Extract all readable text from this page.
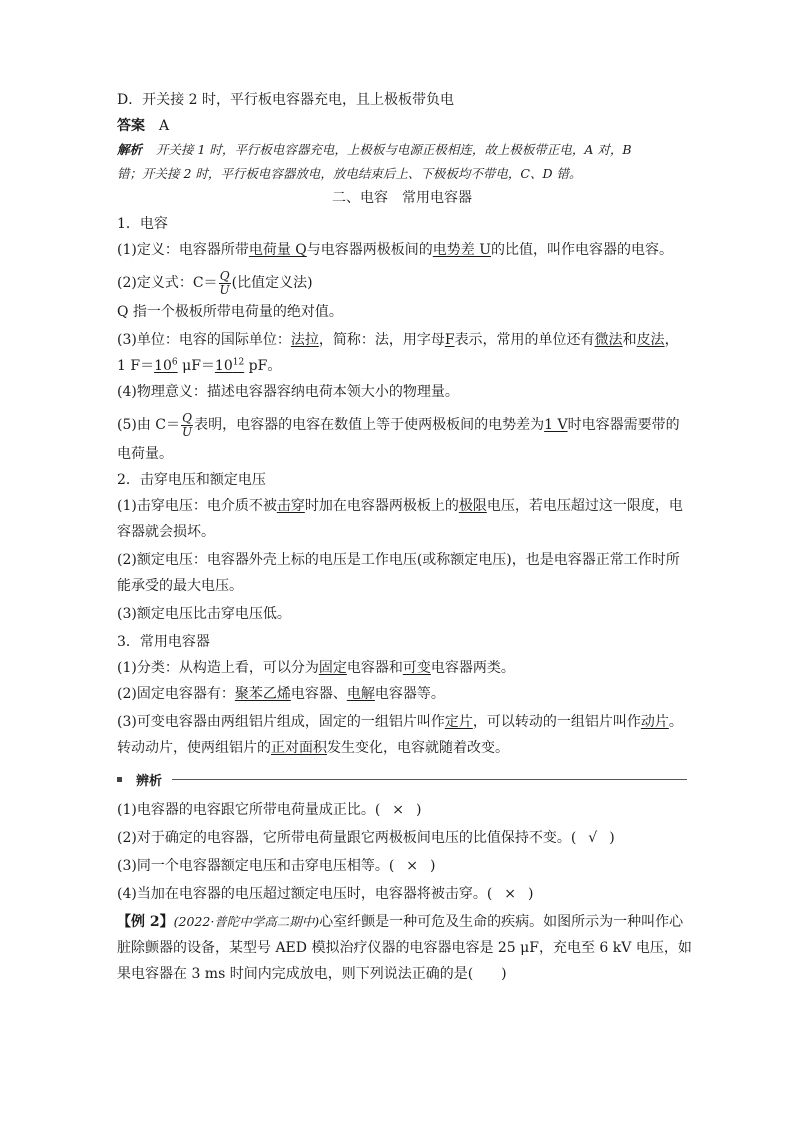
D．开关接 2 时，平行板电容器充电，且上极板带负电
答案 A
解析 开关接 1 时，平行板电容器充电，上极板与电源正极相连，故上极板带正电，A 对，B
错；开关接 2 时，平行板电容器放电，放电结束后上、下极板均不带电，C、D 错。
二、电容　常用电容器
1．电容
(1)定义：电容器所带电荷量 Q与电容器两极板间的电势差 U的比值，叫作电容器的电容。
(2)定义式：$C= \frac{Q}{U}$ (比值定义法)
Q 指一个极板所带电荷量的绝对值。
(3)单位：电容的国际单位：法拉，简称：法，用字母F表示，常用的单位还有微法和皮法，
1 $F=10^6$ $\mu F=10^{12}$ pF。
(4)物理意义：描述电容器容纳电荷本领大小的物理量。
(5)由 $C= \frac{Q}{U}$ 表明，电容器的电容在数值上等于使两极板间的电势差为1 V时电容器需要带的
电荷量。
2．击穿电压和额定电压
(1)击穿电压：电介质不被击穿时加在电容器两极板上的极限电压，若电压超过这一限度，电
容器就会损坏。
(2)额定电压：电容器外壳上标的电压是工作电压(或称额定电压)，也是电容器正常工作时所
能承受的最大电压。
(3)额定电压比击穿电压低。
3．常用电容器
(1)分类：从构造上看，可以分为固定电容器和可变电容器两类。
(2)固定电容器有：聚苯乙烯电容器、电解电容器等。
(3)可变电容器由两组铝片组成，固定的一组铝片叫作定片，可以转动的一组铝片叫作动片。
转动动片，使两组铝片的正对面积发生变化，电容就随着改变。
辨析
(1)电容器的电容跟它所带电荷量成正比。( × )
(2)对于确定的电容器，它所带电荷量跟它两极板间电压的比值保持不变。( √ )
(3)同一个电容器额定电压和击穿电压相等。( × )
(4)当加在电容器的电压超过额定电压时，电容器将被击穿。( × )
【例 2】(2022·普陀中学高二期中)心室纤颤是一种可危及生命的疾病。如图所示为一种叫作心
脏除颤器的设备，某型号 AED 模拟治疗仪器的电容器电容是 25 μF，充电至 6 kV 电压，如
果电容器在 3 ms 时间内完成放电，则下列说法正确的是(　　)
